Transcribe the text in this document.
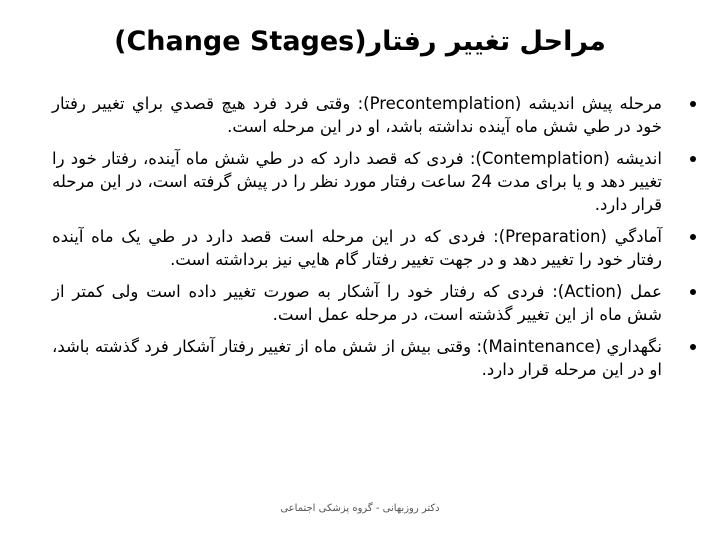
مراحل تغيير رفتار(Change Stages)
مرحله پيش انديشه (Precontemplation): وقتی فرد فرد هيچ قصدي براي تغيير رفتار خود در طي شش ماه آينده نداشته باشد، او در اين مرحله است.
انديشه (Contemplation): فردی كه قصد دارد كه در طي شش ماه آينده، رفتار خود را تغيير دهد و يا برای مدت 24 ساعت رفتار مورد نظر را در پيش گرفته است، در اين مرحله قرار دارد.
آمادگي (Preparation): فردی كه در اين مرحله است قصد دارد در طي يک ماه آينده رفتار خود را تغيير دهد و در جهت تغيير رفتار گام هايي نيز برداشته است.
عمل (Action): فردی كه رفتار خود را آشكار به صورت تغيير داده است ولی كمتر از شش ماه از اين تغيير گذشته است، در مرحله عمل است.
نگهداري (Maintenance): وقتی بيش از شش ماه از تغيير رفتار آشكار فرد گذشته باشد، او در اين مرحله قرار دارد.
دکتر روزبهانی - گروه پزشکی اجتماعی
